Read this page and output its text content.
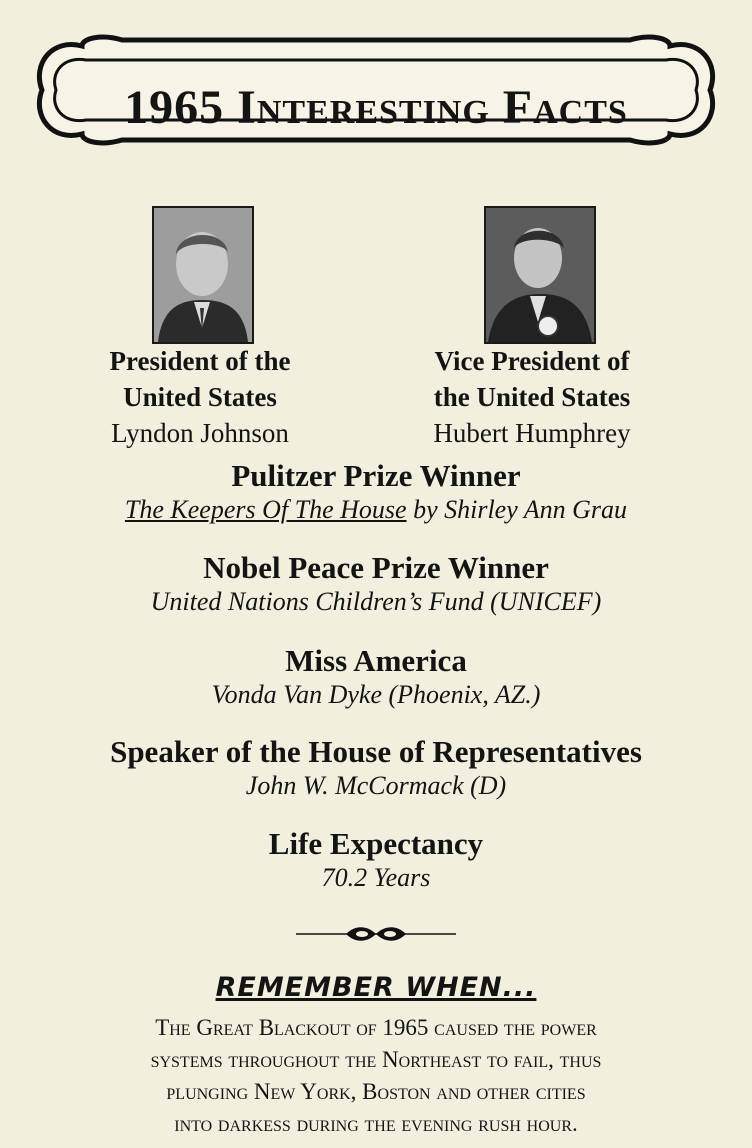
1965 Interesting Facts
President of the
United States
Lyndon Johnson
Vice President of
the United States
Hubert Humphrey
Pulitzer Prize Winner
The Keepers Of The House by Shirley Ann Grau
Nobel Peace Prize Winner
United Nations Children’s Fund (UNICEF)
Miss America
Vonda Van Dyke (Phoenix, AZ.)
Speaker of the House of Representatives
John W. McCormack (D)
Life Expectancy
70.2 Years
REMEMBER WHEN...
The Great Blackout of 1965 caused the power
systems throughout the Northeast to fail, thus
plunging New York, Boston and other cities
into darkess during the evening rush hour.
